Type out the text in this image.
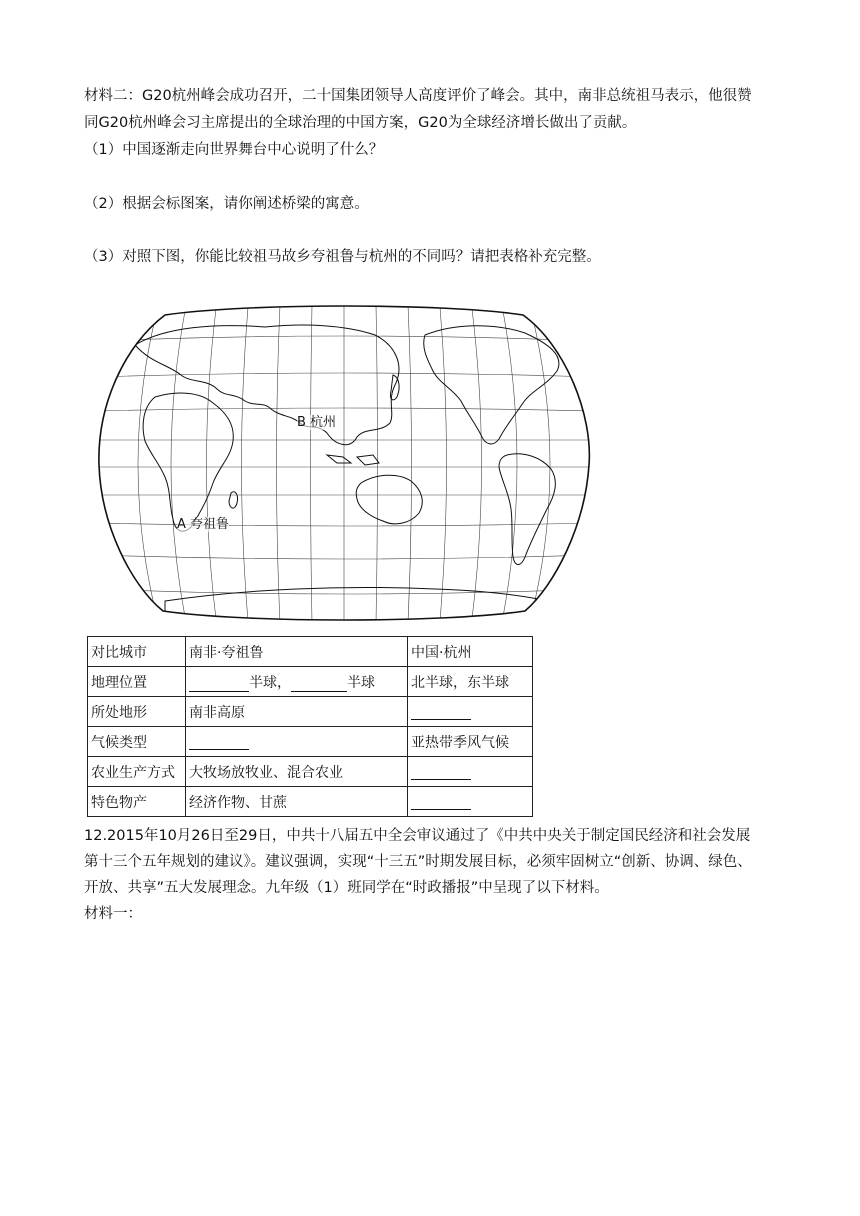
材料二：G20杭州峰会成功召开，二十国集团领导人高度评价了峰会。其中，南非总统祖马表示，他很赞
同G20杭州峰会习主席提出的全球治理的中国方案，G20为全球经济增长做出了贡献。
（1）中国逐渐走向世界舞台中心说明了什么？
（2）根据会标图案，请你阐述桥梁的寓意。
（3）对照下图，你能比较祖马故乡夸祖鲁与杭州的不同吗？请把表格补充完整。
B 杭州
A 夸祖鲁
对比城市	南非·夸祖鲁	中国·杭州
地理位置	半球， 半球	北半球，东半球
所处地形	南非高原	
气候类型		亚热带季风气候
农业生产方式	大牧场放牧业、混合农业	
特色物产	经济作物、甘蔗	
12.2015年10月26日至29日，中共十八届五中全会审议通过了《中共中央关于制定国民经济和社会发展
第十三个五年规划的建议》。建议强调，实现“十三五”时期发展目标，必须牢固树立“创新、协调、绿色、
开放、共享”五大发展理念。九年级（1）班同学在“时政播报”中呈现了以下材料。
材料一：
